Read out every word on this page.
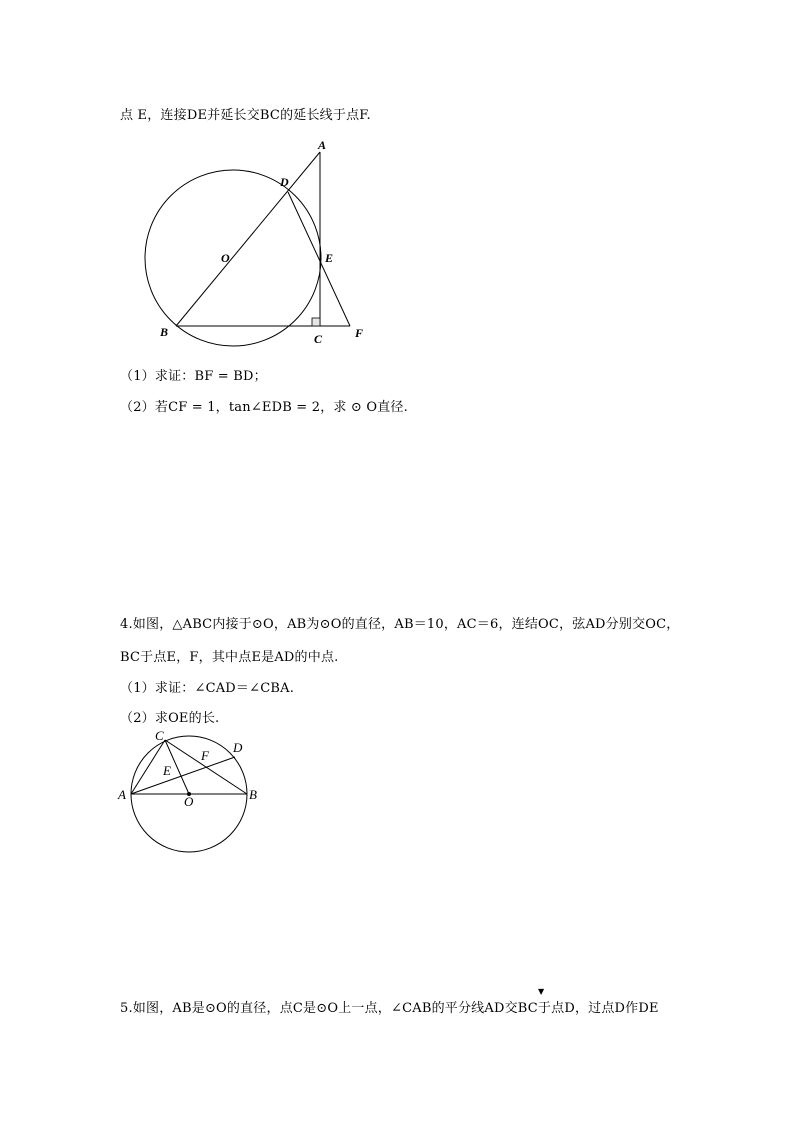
点 E，连接DE并延长交BC的延长线于点F.
A
D
O	E
B	C	F
（1）求证：BF = BD；
（2）若CF = 1，tan∠EDB = 2，求 ⊙ O直径.
4.如图，△ABC内接于⊙O，AB为⊙O的直径，AB＝10，AC＝6，连结OC，弦AD分别交OC，
BC于点E，F，其中点E是AD的中点.
（1）求证：∠CAD＝∠CBA.
（2）求OE的长.
C
D
F
E
A	O	B
▼
5.如图，AB是⊙O的直径，点C是⊙O上一点，∠CAB的平分线AD交BC于点D，过点D作DE
